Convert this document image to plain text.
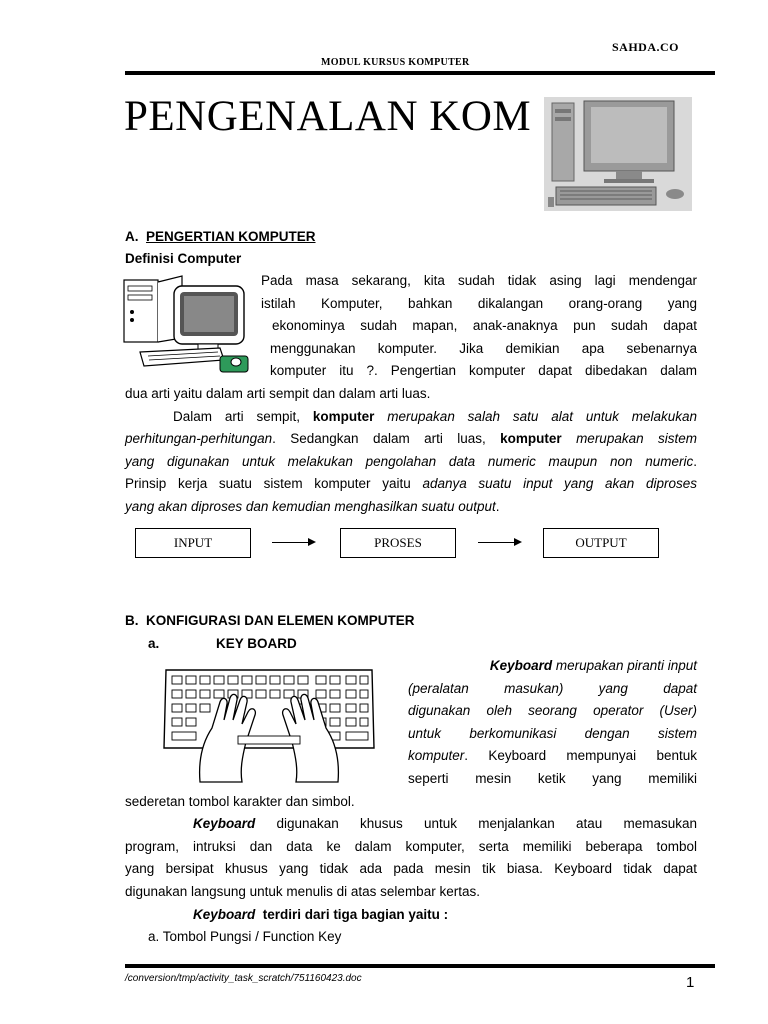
SAHDA.CO
MODUL KURSUS KOMPUTER
PENGENALAN KOM
A. PENGERTIAN KOMPUTER
Definisi Computer
Pada masa sekarang, kita sudah tidak asing lagi mendengar
istilah Komputer, bahkan dikalangan orang-orang yang
ekonominya sudah mapan, anak-anaknya pun sudah dapat
menggunakan komputer. Jika demikian apa sebenarnya
komputer itu ?. Pengertian komputer dapat dibedakan dalam
dua arti yaitu dalam arti sempit dan dalam arti luas.
Dalam arti sempit, komputer merupakan salah satu alat untuk melakukan
perhitungan-perhitungan. Sedangkan dalam arti luas, komputer merupakan sistem
yang digunakan untuk melakukan pengolahan data numeric maupun non numeric.
Prinsip kerja suatu sistem komputer yaitu adanya suatu input yang akan diproses
yang akan diproses dan kemudian menghasilkan suatu output.
INPUT	PROSES	OUTPUT
B. KONFIGURASI DAN ELEMEN KOMPUTER
a.	KEY BOARD
Keyboard merupakan piranti input
(peralatan	masukan)	yang	dapat
digunakan oleh seorang operator (User)
untuk berkomunikasi dengan sistem
komputer. Keyboard mempunyai bentuk
seperti mesin ketik yang memiliki
sederetan tombol karakter dan simbol.
Keyboard digunakan khusus untuk menjalankan atau memasukan
program, intruksi dan data ke dalam komputer, serta memiliki beberapa tombol
yang bersipat khusus yang tidak ada pada mesin tik biasa. Keyboard tidak dapat
digunakan langsung untuk menulis di atas selembar kertas.
Keyboard terdiri dari tiga bagian yaitu :
a. Tombol Pungsi / Function Key
/conversion/tmp/activity_task_scratch/751160423.doc	1
